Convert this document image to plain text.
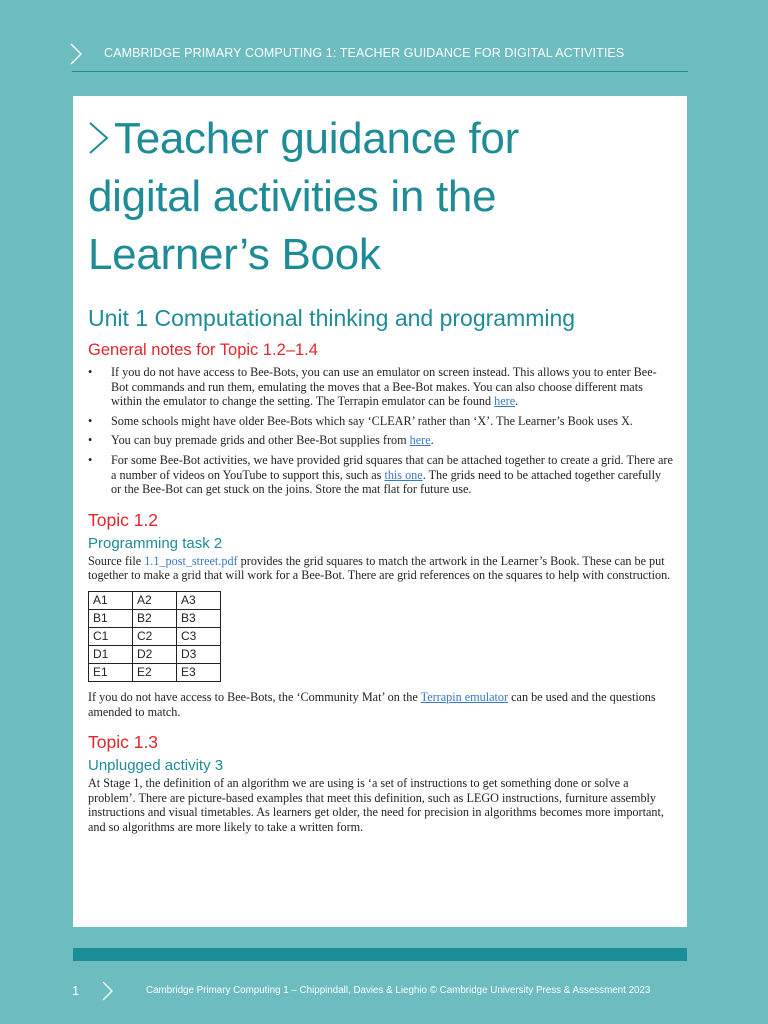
CAMBRIDGE PRIMARY COMPUTING 1: TEACHER GUIDANCE FOR DIGITAL ACTIVITIES
Teacher guidance for
digital activities in the
Learner’s Book
Unit 1 Computational thinking and programming
General notes for Topic 1.2–1.4
• If you do not have access to Bee-Bots, you can use an emulator on screen instead. This allows you to enter Bee-Bot commands and run them, emulating the moves that a Bee-Bot makes. You can also choose different mats within the emulator to change the setting. The Terrapin emulator can be found here.
• Some schools might have older Bee-Bots which say ‘CLEAR’ rather than ‘X’. The Learner’s Book uses X.
• You can buy premade grids and other Bee-Bot supplies from here.
• For some Bee-Bot activities, we have provided grid squares that can be attached together to create a grid. There are a number of videos on YouTube to support this, such as this one. The grids need to be attached together carefully or the Bee-Bot can get stuck on the joins. Store the mat flat for future use.
Topic 1.2
Programming task 2

Source file 1.1_post_street.pdf provides the grid squares to match the artwork in the Learner’s Book. These can be put together to make a grid that will work for a Bee-Bot. There are grid references on the squares to help with construction.

A1	A2	A3
B1	B2	B3
C1	C2	C3
D1	D2	D3
E1	E2	E3

If you do not have access to Bee-Bots, the ‘Community Mat’ on the Terrapin emulator can be used and the questions amended to match.

Topic 1.3
Unplugged activity 3

At Stage 1, the definition of an algorithm we are using is ‘a set of instructions to get something done or solve a problem’. There are picture-based examples that meet this definition, such as LEGO instructions, furniture assembly instructions and visual timetables. As learners get older, the need for precision in algorithms becomes more important, and so algorithms are more likely to take a written form.

1	Cambridge Primary Computing 1 – Chippindall, Davies & Lieghio © Cambridge University Press & Assessment 2023
